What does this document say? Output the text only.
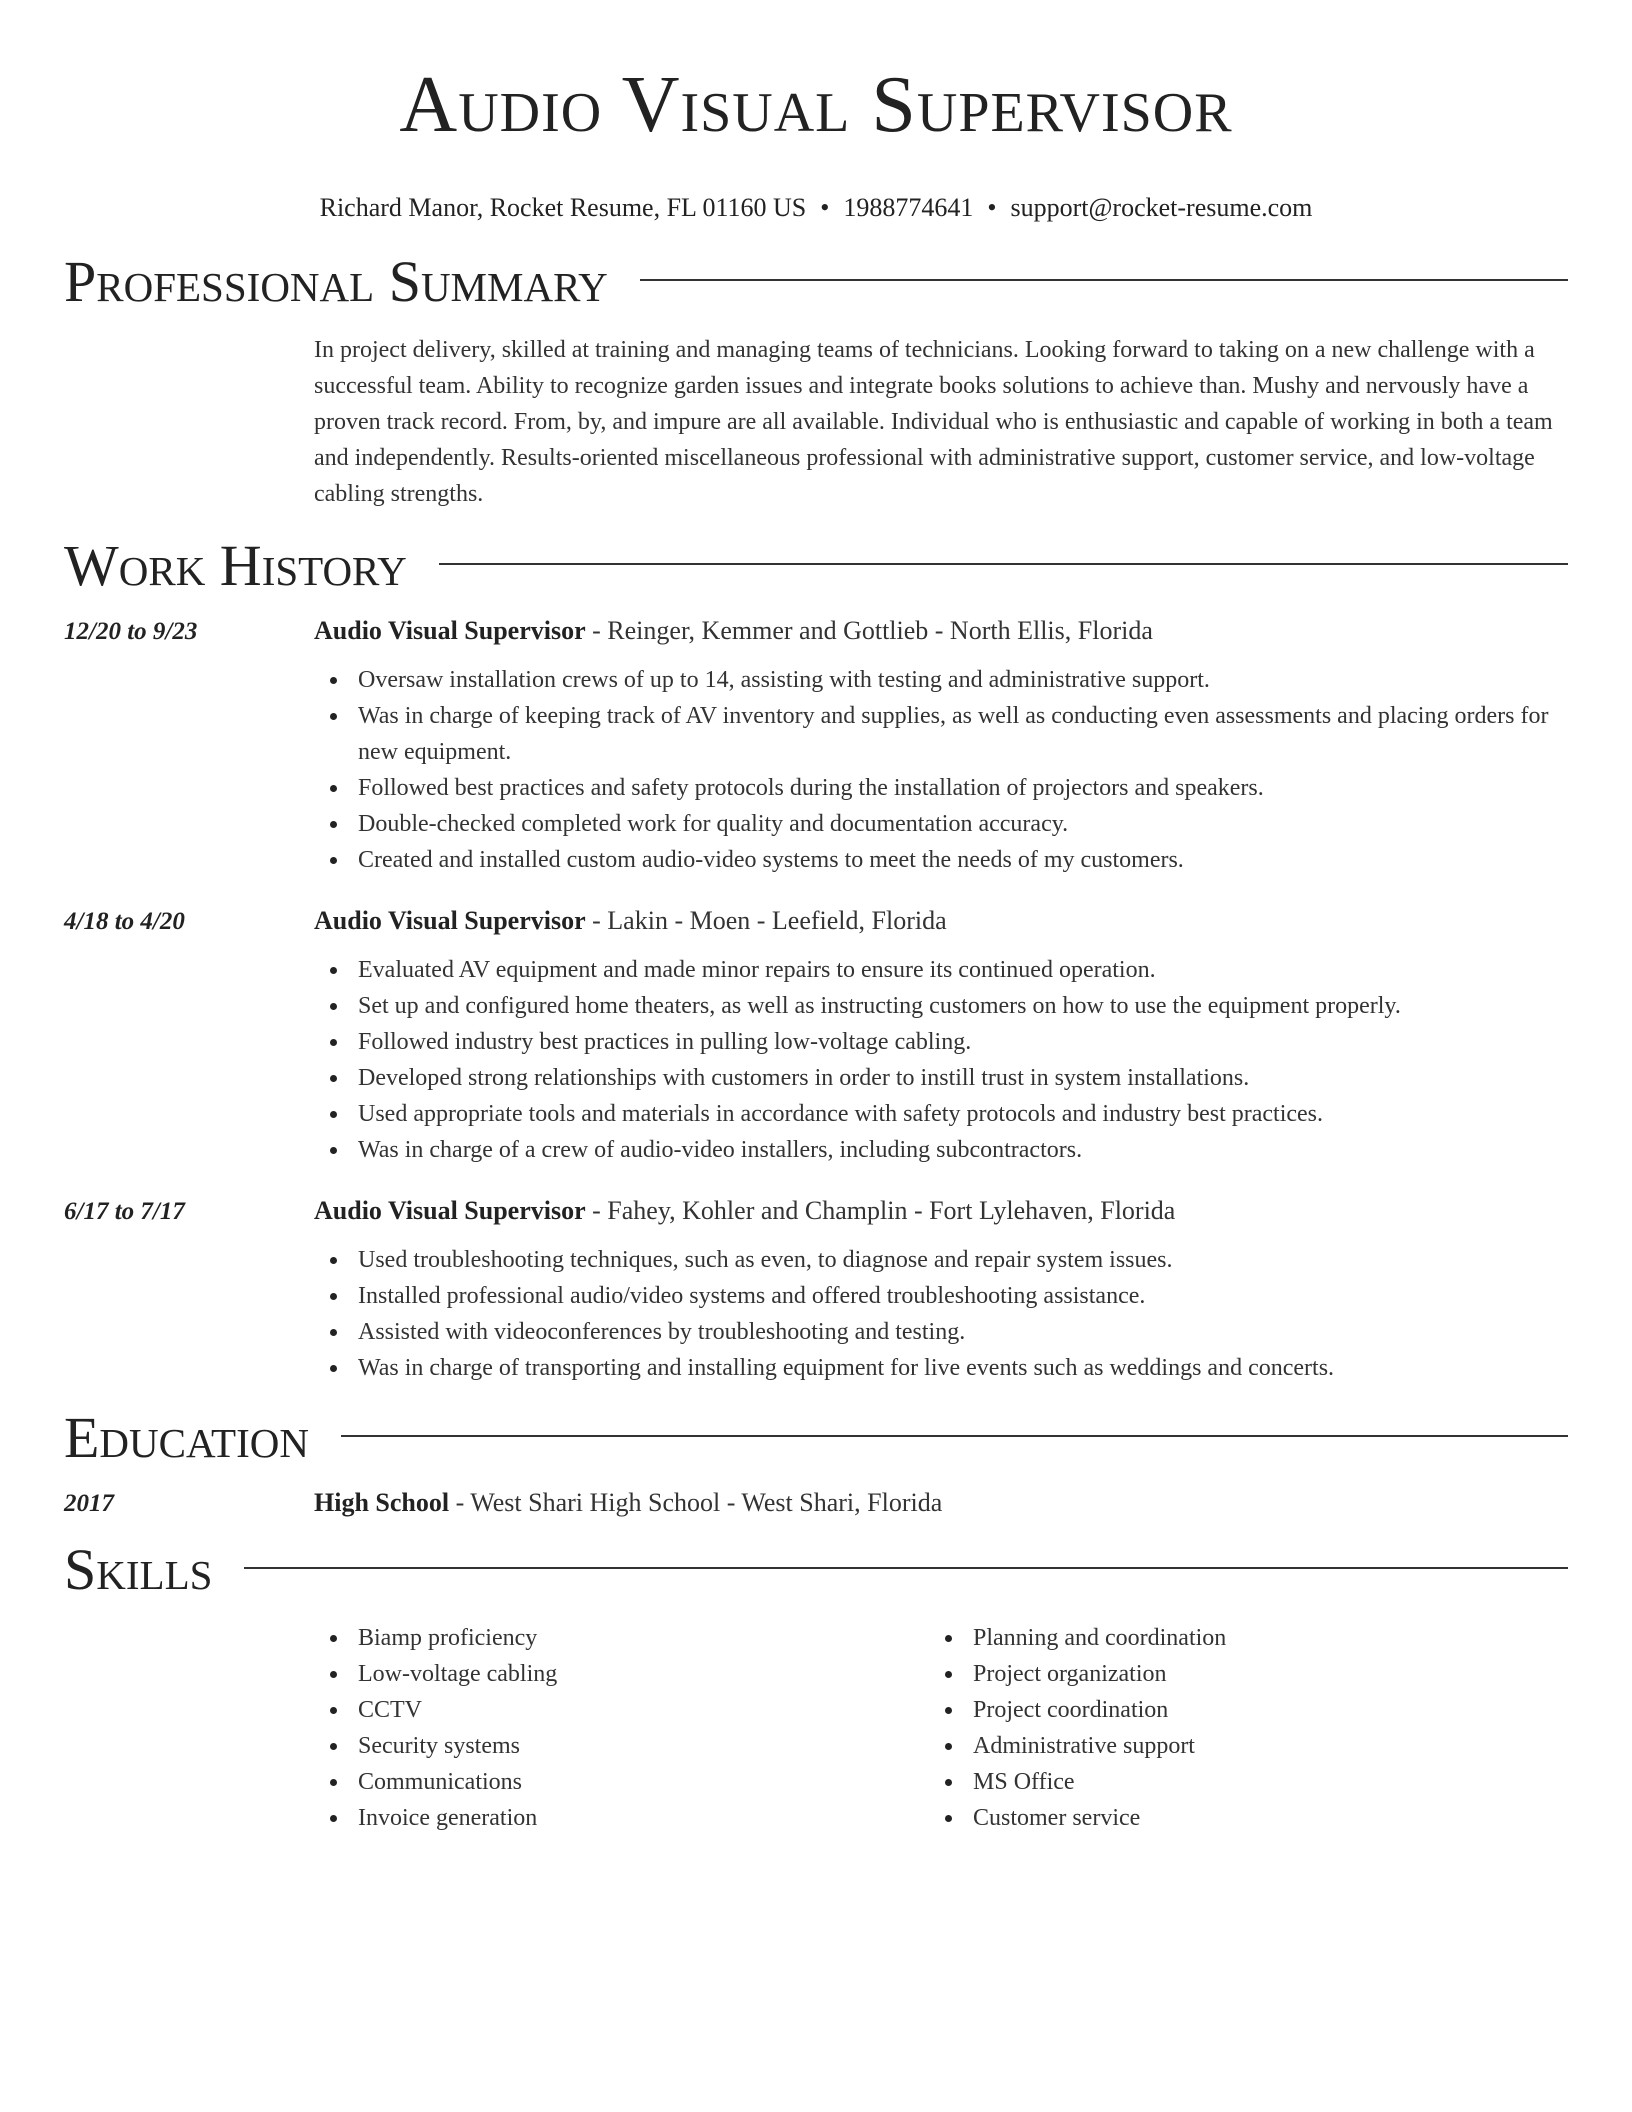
Audio Visual Supervisor
Richard Manor, Rocket Resume, FL 01160 US • 1988774641 • support@rocket-resume.com
Professional Summary
In project delivery, skilled at training and managing teams of technicians. Looking forward to taking on a new challenge with a successful team. Ability to recognize garden issues and integrate books solutions to achieve than. Mushy and nervously have a proven track record. From, by, and impure are all available. Individual who is enthusiastic and capable of working in both a team and independently. Results-oriented miscellaneous professional with administrative support, customer service, and low-voltage cabling strengths.
Work History
12/20 to 9/23	Audio Visual Supervisor - Reinger, Kemmer and Gottlieb - North Ellis, Florida
Oversaw installation crews of up to 14, assisting with testing and administrative support.
Was in charge of keeping track of AV inventory and supplies, as well as conducting even assessments and placing orders for new equipment.
Followed best practices and safety protocols during the installation of projectors and speakers.
Double-checked completed work for quality and documentation accuracy.
Created and installed custom audio-video systems to meet the needs of my customers.
4/18 to 4/20	Audio Visual Supervisor - Lakin - Moen - Leefield, Florida
Evaluated AV equipment and made minor repairs to ensure its continued operation.
Set up and configured home theaters, as well as instructing customers on how to use the equipment properly.
Followed industry best practices in pulling low-voltage cabling.
Developed strong relationships with customers in order to instill trust in system installations.
Used appropriate tools and materials in accordance with safety protocols and industry best practices.
Was in charge of a crew of audio-video installers, including subcontractors.
6/17 to 7/17	Audio Visual Supervisor - Fahey, Kohler and Champlin - Fort Lylehaven, Florida
Used troubleshooting techniques, such as even, to diagnose and repair system issues.
Installed professional audio/video systems and offered troubleshooting assistance.
Assisted with videoconferences by troubleshooting and testing.
Was in charge of transporting and installing equipment for live events such as weddings and concerts.
Education
2017	High School - West Shari High School - West Shari, Florida
Skills
Biamp proficiency
Low-voltage cabling
CCTV
Security systems
Communications
Invoice generation
Planning and coordination
Project organization
Project coordination
Administrative support
MS Office
Customer service
